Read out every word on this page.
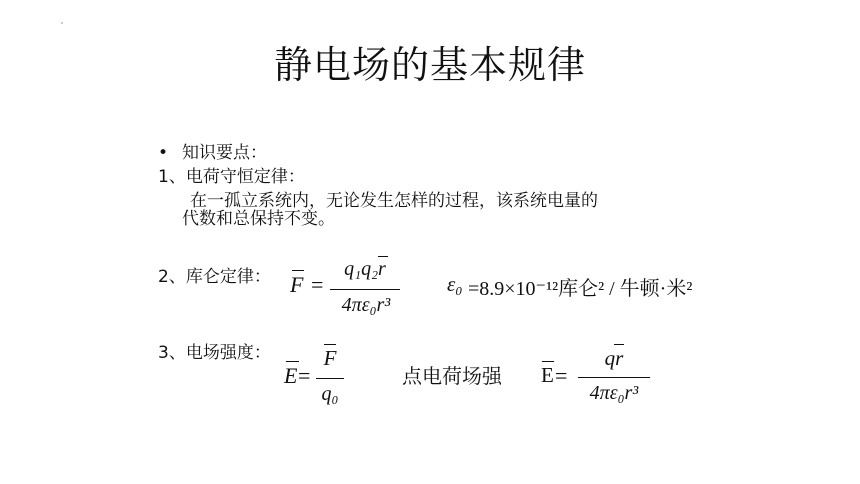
静电场的基本规律
• 知识要点：
1、电荷守恒定律：
在一孤立系统内，无论发生怎样的过程，该系统电量的
代数和总保持不变。
2、库仑定律： F =
q₁q₂r
4πε₀r³
ε₀ =8.9×10⁻¹²库仑² / 牛顿·米²
3、电场强度：
E =
F
q₀
点电荷场强 E =
qr
4πε₀r³
